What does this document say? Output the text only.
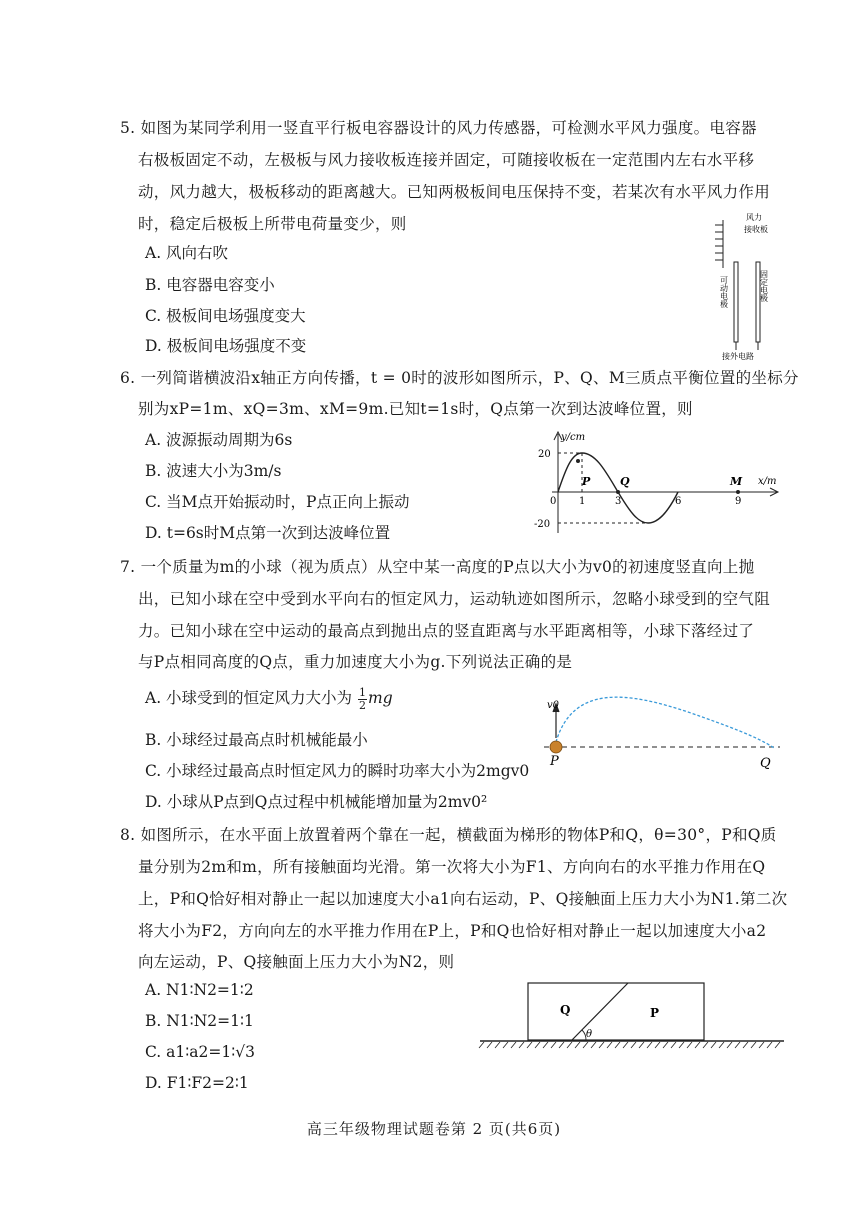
5. 如图为某同学利用一竖直平行板电容器设计的风力传感器，可检测水平风力强度。电容器
右极板固定不动，左极板与风力接收板连接并固定，可随接收板在一定范围内左右水平移
动，风力越大，极板移动的距离越大。已知两极板间电压保持不变，若某次有水平风力作用
时，稳定后极板上所带电荷量变少，则
A. 风向右吹
B. 电容器电容变小
C. 极板间电场强度变大
D. 极板间电场强度不变
风力
接收板
可动电极	固定电极
接外电路
6. 一列简谐横波沿x轴正方向传播，t = 0时的波形如图所示，P、Q、M三质点平衡位置的坐标分
别为xP=1m、xQ=3m、xM=9m.已知t=1s时，Q点第一次到达波峰位置，则
A. 波源振动周期为6s
B. 波速大小为3m/s
C. 当M点开始振动时，P点正向上振动
D. t=6s时M点第一次到达波峰位置
y/cm
x/m
20
-20
0 1	3	6	9
P	Q	M
7. 一个质量为m的小球（视为质点）从空中某一高度的P点以大小为v0的初速度竖直向上抛
出，已知小球在空中受到水平向右的恒定风力，运动轨迹如图所示，忽略小球受到的空气阻
力。已知小球在空中运动的最高点到抛出点的竖直距离与水平距离相等，小球下落经过了
与P点相同高度的Q点，重力加速度大小为g.下列说法正确的是
A. 小球受到的恒定风力大小为 $\frac{1}{2}$ mg
B. 小球经过最高点时机械能最小
C. 小球经过最高点时恒定风力的瞬时功率大小为2mgv0
D. 小球从P点到Q点过程中机械能增加量为2mv0²
v0
P	Q
8. 如图所示，在水平面上放置着两个靠在一起，横截面为梯形的物体P和Q，θ=30°，P和Q质
量分别为2m和m，所有接触面均光滑。第一次将大小为F1、方向向右的水平推力作用在Q
上，P和Q恰好相对静止一起以加速度大小a1向右运动，P、Q接触面上压力大小为N1.第二次
将大小为F2，方向向左的水平推力作用在P上，P和Q也恰好相对静止一起以加速度大小a2
向左运动，P、Q接触面上压力大小为N2，则
A. N1∶N2=1∶2
B. N1∶N2=1∶1
C. a1∶a2=1∶√3
D. F1∶F2=2∶1
Q	P
θ
高三年级物理试题卷第 2 页(共6页)
